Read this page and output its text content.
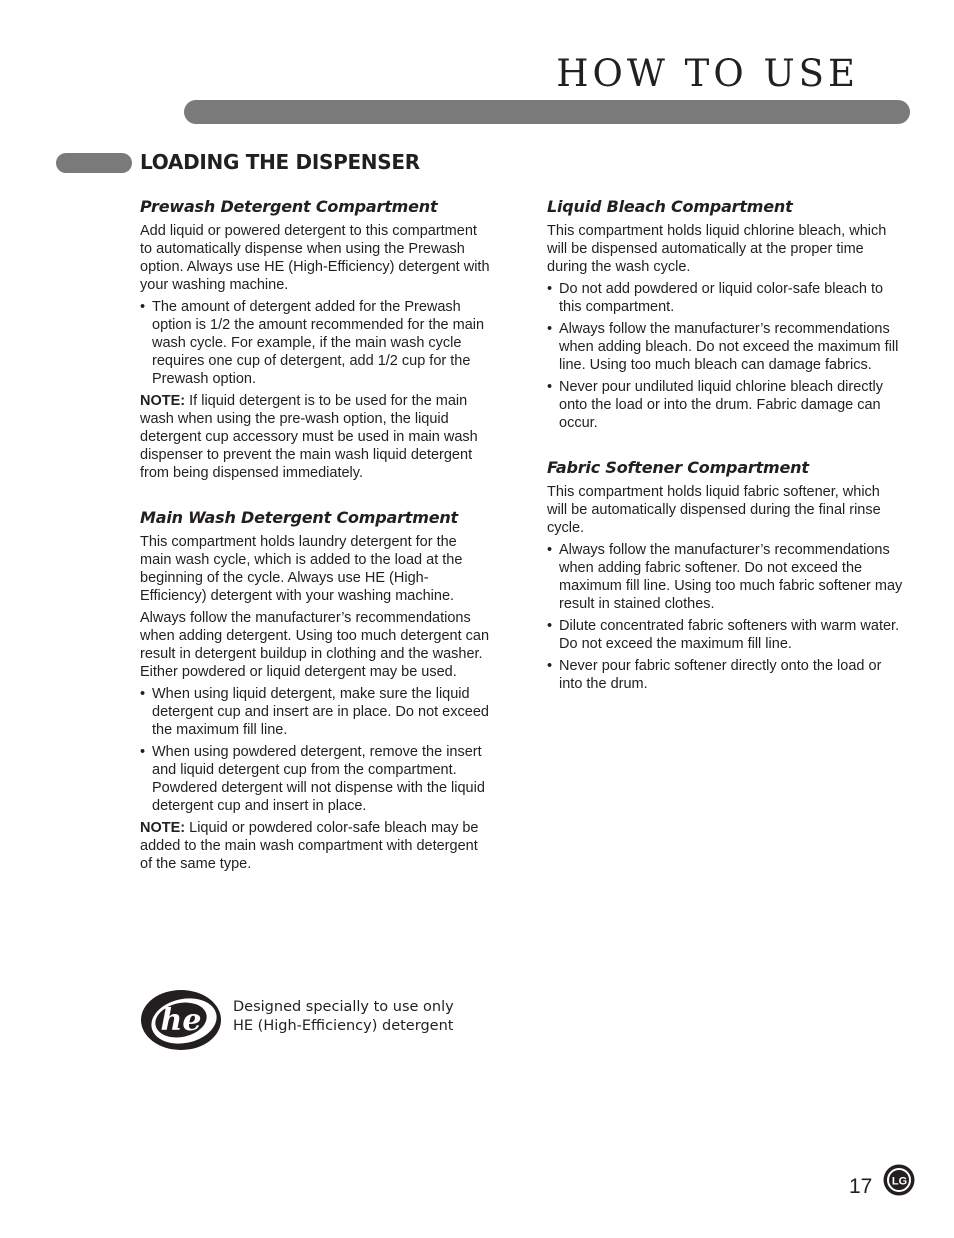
HOW TO USE
LOADING THE DISPENSER
Prewash Detergent Compartment

Add liquid or powered detergent to this compartment to automatically dispense when using the Prewash option. Always use HE (High-Efficiency) detergent with your washing machine.

• The amount of detergent added for the Prewash option is 1/2 the amount recommended for the main wash cycle. For example, if the main wash cycle requires one cup of detergent, add 1/2 cup for the Prewash option.

NOTE: If liquid detergent is to be used for the main wash when using the pre-wash option, the liquid detergent cup accessory must be used in main wash dispenser to prevent the main wash liquid detergent from being dispensed immediately.

Main Wash Detergent Compartment

This compartment holds laundry detergent for the main wash cycle, which is added to the load at the beginning of the cycle. Always use HE (High-Efficiency) detergent with your washing machine.

Always follow the manufacturer’s recommendations when adding detergent. Using too much detergent can result in detergent buildup in clothing and the washer. Either powdered or liquid detergent may be used.

• When using liquid detergent, make sure the liquid detergent cup and insert are in place. Do not exceed the maximum fill line.
• When using powdered detergent, remove the insert and liquid detergent cup from the compartment. Powdered detergent will not dispense with the liquid detergent cup and insert in place.

NOTE: Liquid or powdered color-safe bleach may be added to the main wash compartment with detergent of the same type.

Liquid Bleach Compartment

This compartment holds liquid chlorine bleach, which will be dispensed automatically at the proper time during the wash cycle.

• Do not add powdered or liquid color-safe bleach to this compartment.
• Always follow the manufacturer’s recommendations when adding bleach. Do not exceed the maximum fill line. Using too much bleach can damage fabrics.
• Never pour undiluted liquid chlorine bleach directly onto the load or into the drum. Fabric damage can occur.
Fabric Softener Compartment

This compartment holds liquid fabric softener, which will be automatically dispensed during the final rinse cycle.

• Always follow the manufacturer’s recommendations when adding fabric softener. Do not exceed the maximum fill line. Using too much fabric softener may result in stained clothes.
• Dilute concentrated fabric softeners with warm water. Do not exceed the maximum fill line.
• Never pour fabric softener directly onto the load or into the drum.
he Designed specially to use only
HE (High-Efficiency) detergent
17 LG
